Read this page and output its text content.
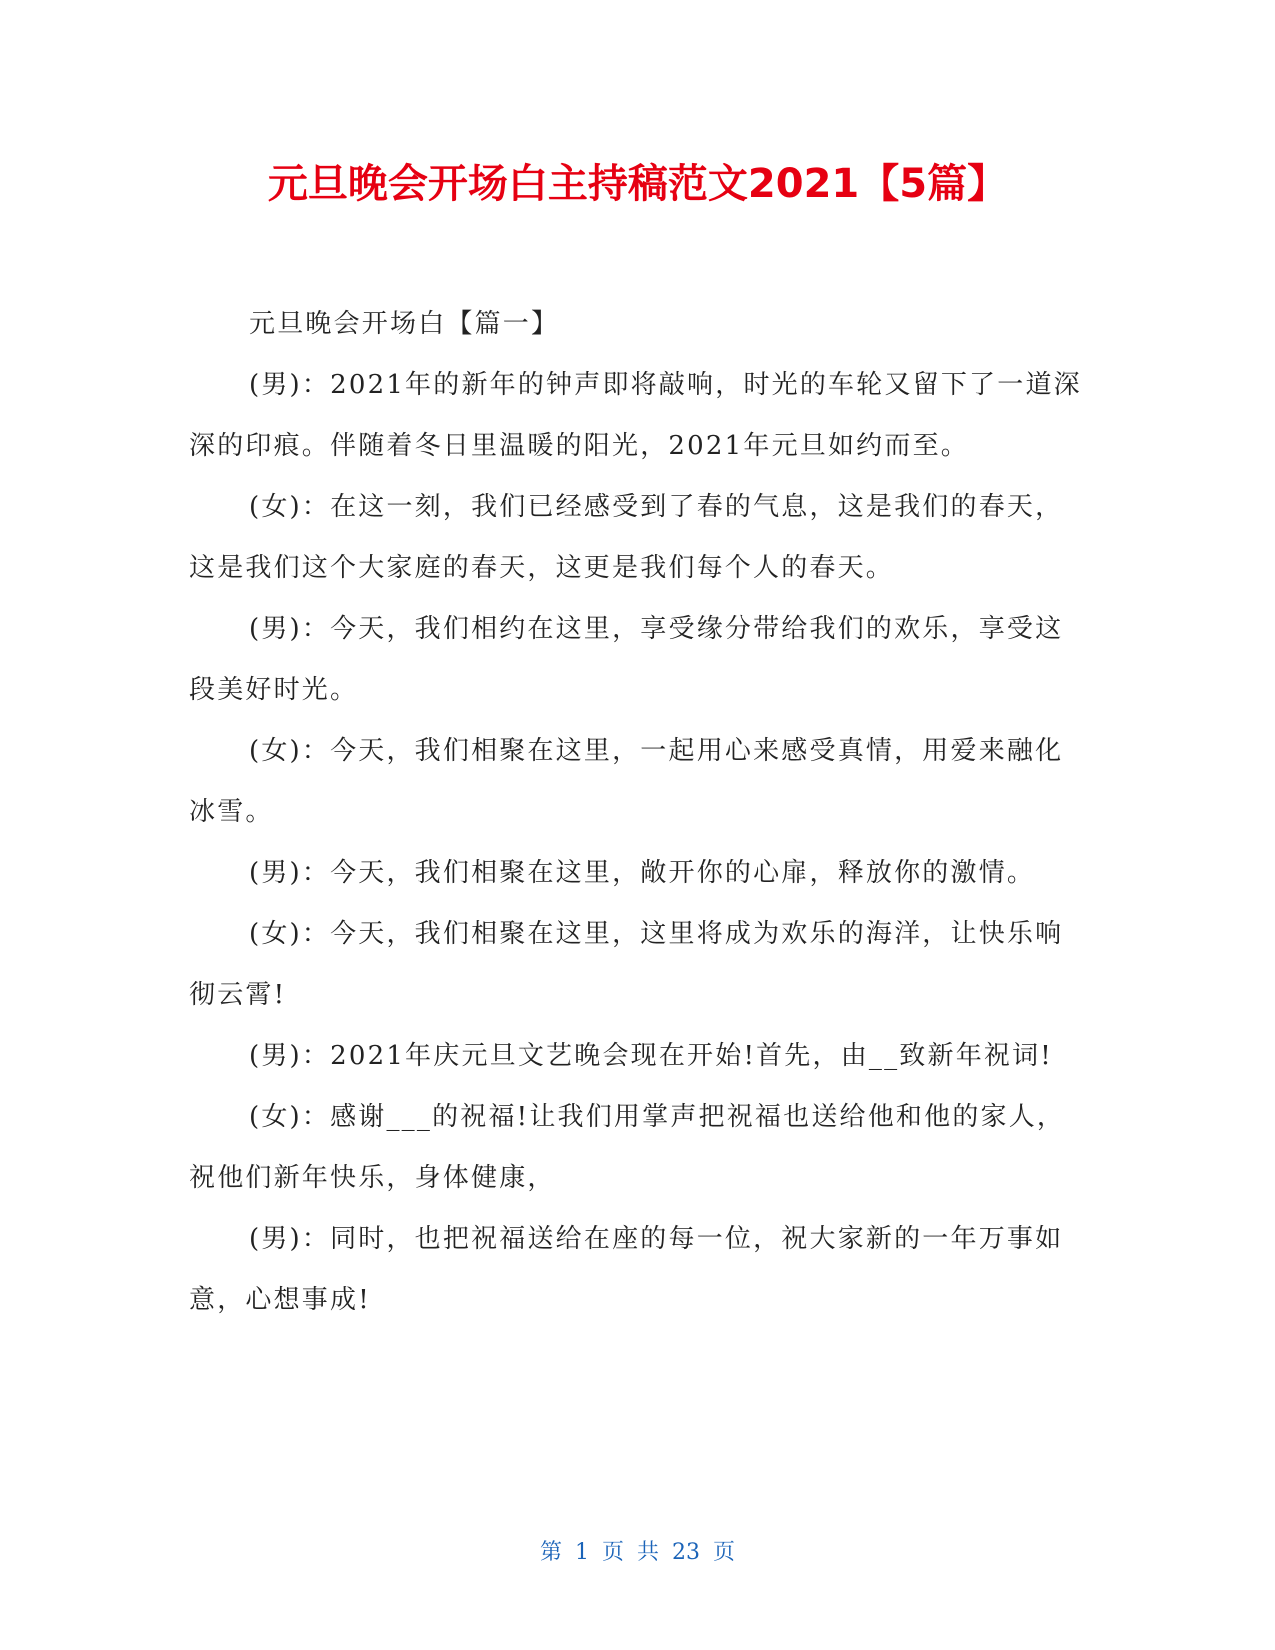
元旦晚会开场白主持稿范文2021【5篇】

元旦晚会开场白【篇一】

(男)：2021年的新年的钟声即将敲响，时光的车轮又留下了一道深深的印痕。伴随着冬日里温暖的阳光，2021年元旦如约而至。

(女)：在这一刻，我们已经感受到了春的气息，这是我们的春天，这是我们这个大家庭的春天，这更是我们每个人的春天。

(男)：今天，我们相约在这里，享受缘分带给我们的欢乐，享受这段美好时光。

(女)：今天，我们相聚在这里，一起用心来感受真情，用爱来融化冰雪。

(男)：今天，我们相聚在这里，敞开你的心扉，释放你的激情。

(女)：今天，我们相聚在这里，这里将成为欢乐的海洋，让快乐响彻云霄!

(男)：2021年庆元旦文艺晚会现在开始!首先，由__致新年祝词!

(女)：感谢___的祝福!让我们用掌声把祝福也送给他和他的家人，祝他们新年快乐，身体健康，

(男)：同时，也把祝福送给在座的每一位，祝大家新的一年万事如意，心想事成!

第 1 页 共 23 页
